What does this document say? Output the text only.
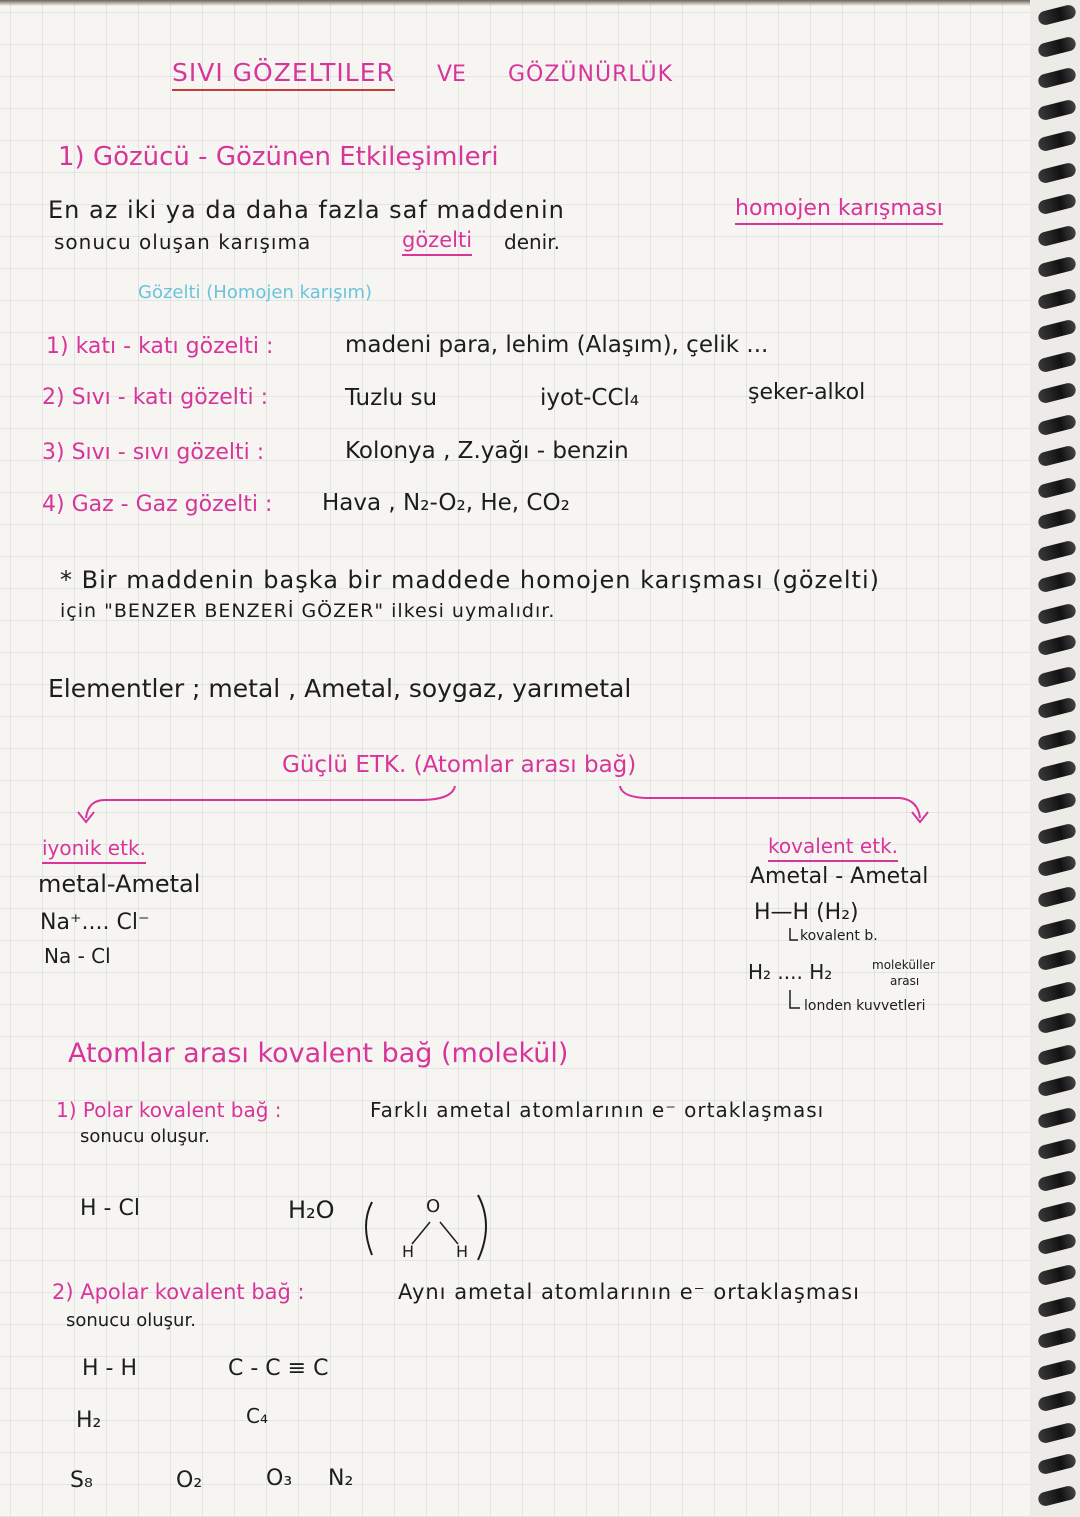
SIVI GÖZELTILER VE GÖZÜNÜRLÜK
1) Gözücü - Gözünen Etkileşimleri
En az iki ya da daha fazla saf maddenin	homojen karışması
sonucu oluşan karışıma	gözelti denir.
Gözelti (Homojen karışım)
1) katı - katı gözelti :	madeni para, lehim (Alaşım), çelik ...
2) Sıvı - katı gözelti :	Tuzlu su	iyot-CCl₄	şeker-alkol
3) Sıvı - sıvı gözelti :	Kolonya , Z.yağı - benzin
4) Gaz - Gaz gözelti : Hava , N₂-O₂, He, CO₂
* Bir maddenin başka bir maddede homojen karışması (gözelti)
için "BENZER BENZERİ GÖZER" ilkesi uymalıdır.
Elementler ; metal , Ametal, soygaz, yarımetal
Güçlü ETK. (Atomlar arası bağ)
iyonik etk.
metal-Ametal
Na⁺.... Cl⁻
Na - Cl
kovalent etk.
Ametal - Ametal
H—H (H₂)
kovalent b.
H₂ .... H₂	moleküller
arası
londen kuvvetleri
Atomlar arası kovalent bağ (molekül)
1) Polar kovalent bağ :	Farklı ametal atomlarının e⁻ ortaklaşması
sonucu oluşur.
H - Cl	H₂O	O
H	H
2) Apolar kovalent bağ :	Aynı ametal atomlarının e⁻ ortaklaşması
sonucu oluşur.
H - H	C - C ≡ C
H₂	C₄
S₈	O₂	O₃ N₂
